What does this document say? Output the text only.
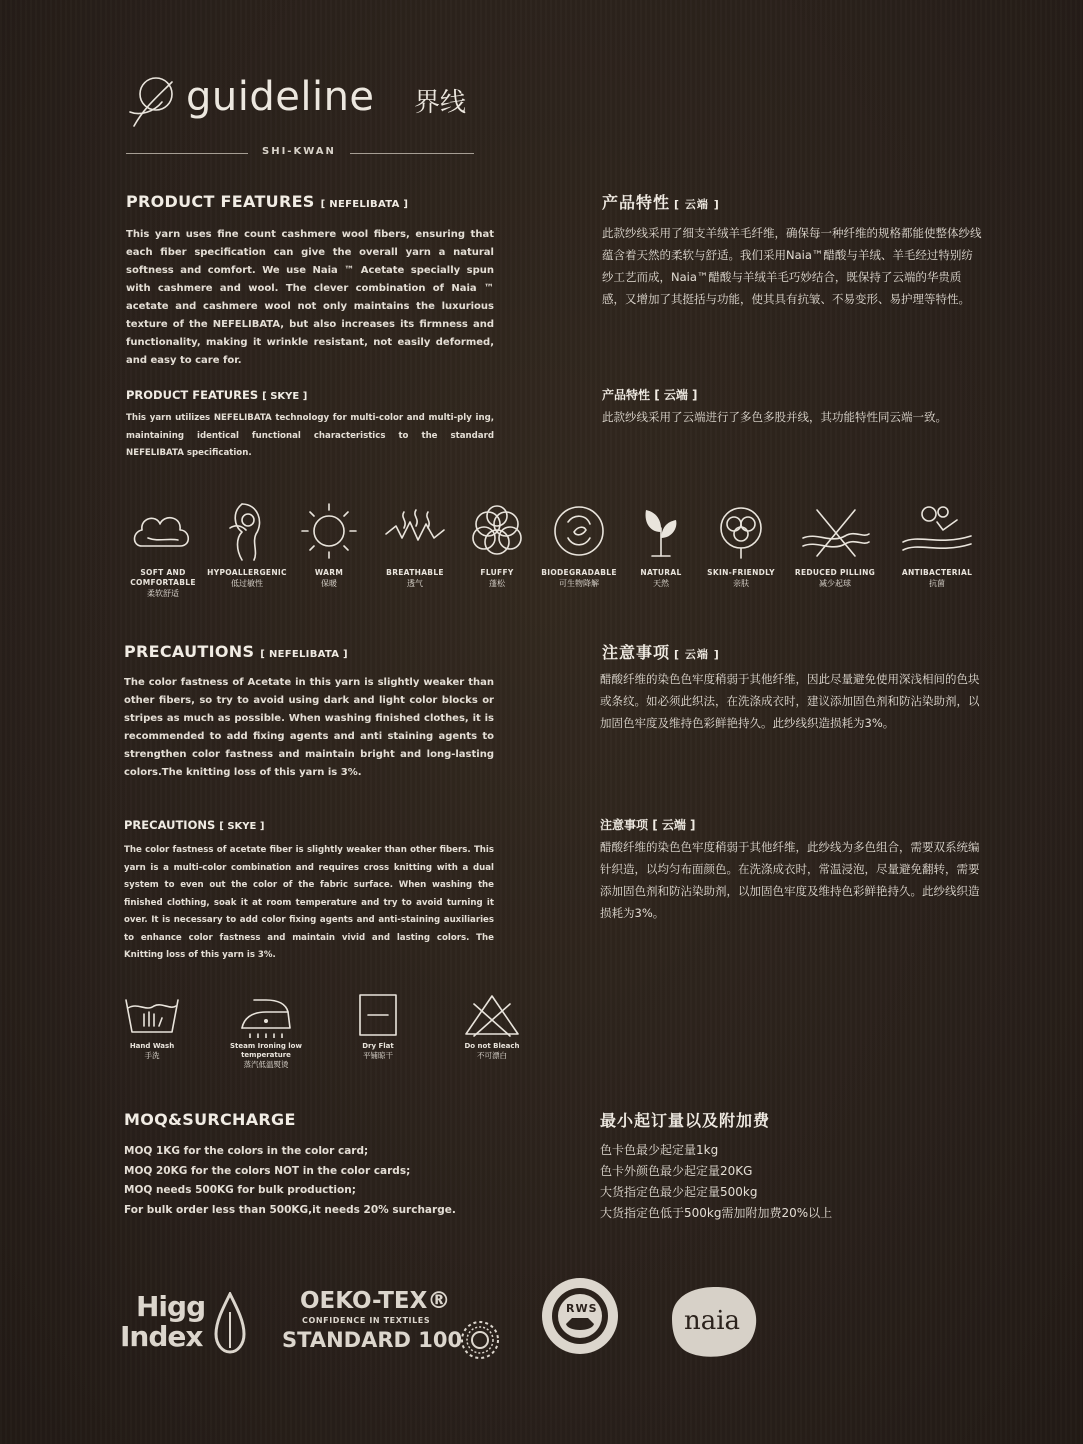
guideline 界线
SHI-KWAN
PRODUCT FEATURES [ NEFELIBATA ]
This yarn uses fine count cashmere wool fibers, ensuring that each fiber specification can give the overall yarn a natural softness and comfort. We use Naia ™ Acetate specially spun with cashmere and wool. The clever combination of Naia ™ acetate and cashmere wool not only maintains the luxurious texture of the NEFELIBATA, but also increases its firmness and functionality, making it wrinkle resistant, not easily deformed, and easy to care for.
PRODUCT FEATURES [ SKYE ]
This yarn utilizes NEFELIBATA technology for multi-color and multi-ply ing, maintaining identical functional characteristics to the standard NEFELIBATA specification.
产品特性 [ 云端 ]
此款纱线采用了细支羊绒羊毛纤维，确保每一种纤维的规格都能使整体纱线蕴含着天然的柔软与舒适。我们采用Naia™醋酸与羊绒、羊毛经过特别纺纱工艺而成，Naia™醋酸与羊绒羊毛巧妙结合，既保持了云端的华贵质感，又增加了其挺括与功能，使其具有抗皱、不易变形、易护理等特性。
产品特性 [ 云端 ]
此款纱线采用了云端进行了多色多股并线，其功能特性同云端一致。
SOFT AND COMFORTABLE
柔软舒适
HYPOALLERGENIC
低过敏性
WARM
保暖
BREATHABLE
透气
FLUFFY
蓬松
BIODEGRADABLE
可生物降解
NATURAL
天然
SKIN-FRIENDLY
亲肤
REDUCED PILLING
减少起球
ANTIBACTERIAL
抗菌
PRECAUTIONS [ NEFELIBATA ]
The color fastness of Acetate in this yarn is slightly weaker than other fibers, so try to avoid using dark and light color blocks or stripes as much as possible. When washing finished clothes, it is recommended to add fixing agents and anti staining agents to strengthen color fastness and maintain bright and long-lasting colors.The knitting loss of this yarn is 3%.
PRECAUTIONS [ SKYE ]
The color fastness of acetate fiber is slightly weaker than other fibers. This yarn is a multi-color combination and requires cross knitting with a dual system to even out the color of the fabric surface. When washing the finished clothing, soak it at room temperature and try to avoid turning it over. It is necessary to add color fixing agents and anti-staining auxiliaries to enhance color fastness and maintain vivid and lasting colors. The Knitting loss of this yarn is 3%.
注意事项 [ 云端 ]
醋酸纤维的染色色牢度稍弱于其他纤维，因此尽量避免使用深浅相间的色块或条纹。如必须此织法，在洗涤成衣时，建议添加固色剂和防沾染助剂，以加固色牢度及维持色彩鲜艳持久。此纱线织造损耗为3%。
注意事项 [ 云端 ]
醋酸纤维的染色色牢度稍弱于其他纤维，此纱线为多色组合，需要双系统编针织造，以均匀布面颜色。在洗涤成衣时，常温浸泡，尽量避免翻转，需要添加固色剂和防沾染助剂，以加固色牢度及维持色彩鲜艳持久。此纱线织造损耗为3%。
Hand Wash
手洗
Steam Ironing low temperature
蒸汽低温熨烫
Dry Flat
平铺晾干
Do not Bleach
不可漂白
MOQ&SURCHARGE
MOQ 1KG for the colors in the color card;
MOQ 20KG for the colors NOT in the color cards;
MOQ needs 500KG for bulk production;
For bulk order less than 500KG,it needs 20% surcharge.
最小起订量以及附加费
色卡色最少起定量1kg
色卡外颜色最少起定量20KG
大货指定色最少起定量500kg
大货指定色低于500kg需加附加费20%以上
Higg
Index
OEKO-TEX®
CONFIDENCE IN TEXTILES
STANDARD 100
RWS	naia
